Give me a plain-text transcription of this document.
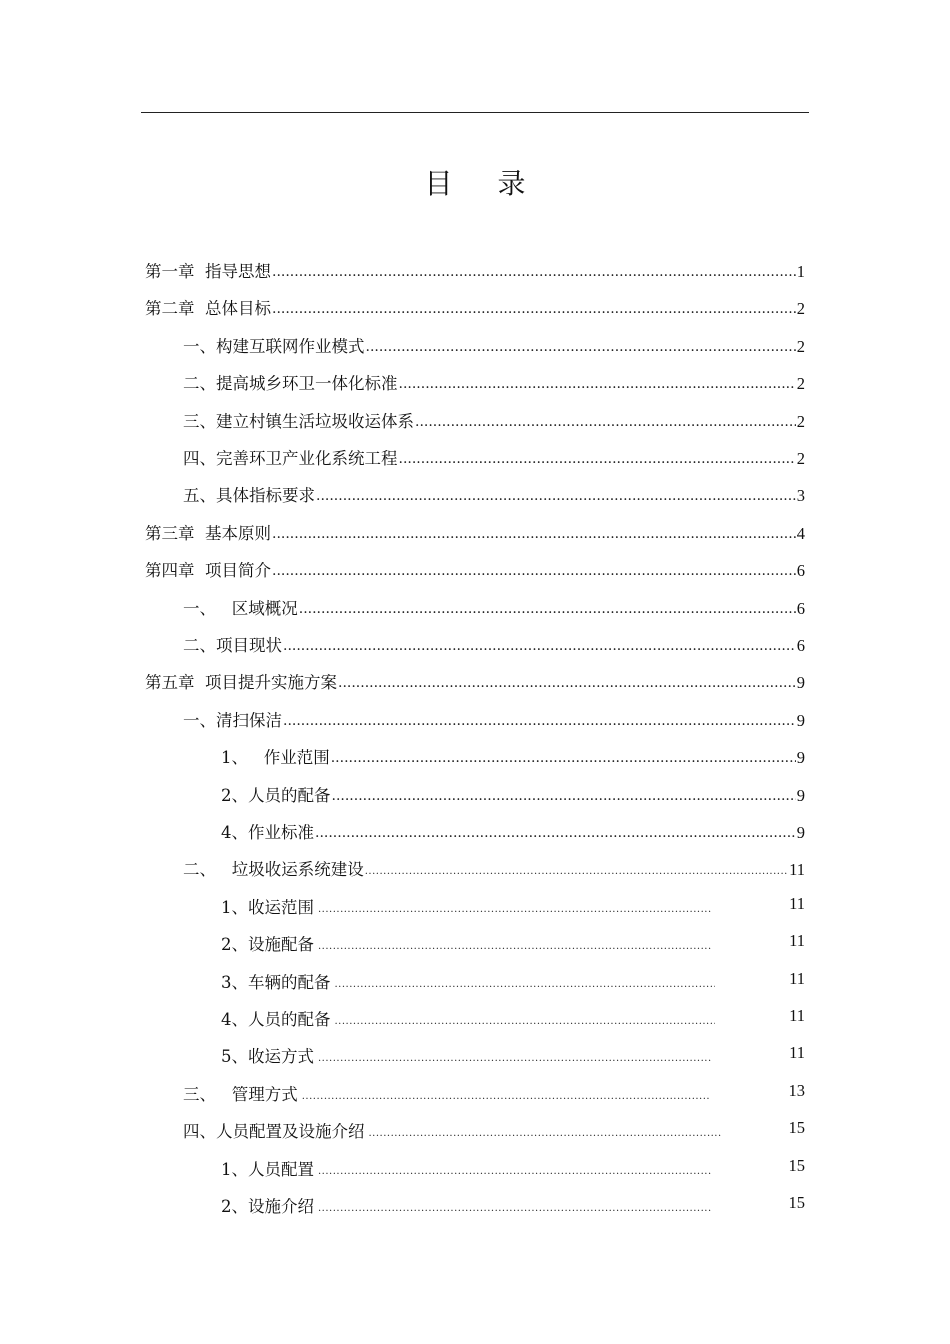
目 录
第一章  指导思想 .....	1
第二章  总体目标 .....	2
一、构建互联网作业模式 .....	2
二、提高城乡环卫一体化标准 .....	2
三、建立村镇生活垃圾收运体系 .....	2
四、完善环卫产业化系统工程 .....	2
五、具体指标要求 .....	3
第三章  基本原则 .....	4
第四章  项目简介 .....	6
一、   区域概况 .....	6
二、项目现状 .....	6
第五章  项目提升实施方案 .....	9
一、清扫保洁 .....	9
1、   作业范围 .....	9
2、人员的配备 .....	9
4、作业标准 .....	9
二、   垃圾收运系统建设 .....	11
1、收运范围 .....	11
2、设施配备 .....	11
3、车辆的配备 .....	11
4、人员的配备 .....	11
5、收运方式 .....	11
三、   管理方式 .....	13
四、人员配置及设施介绍 .....	15
1、人员配置 .....	15
2、设施介绍 .....	15
